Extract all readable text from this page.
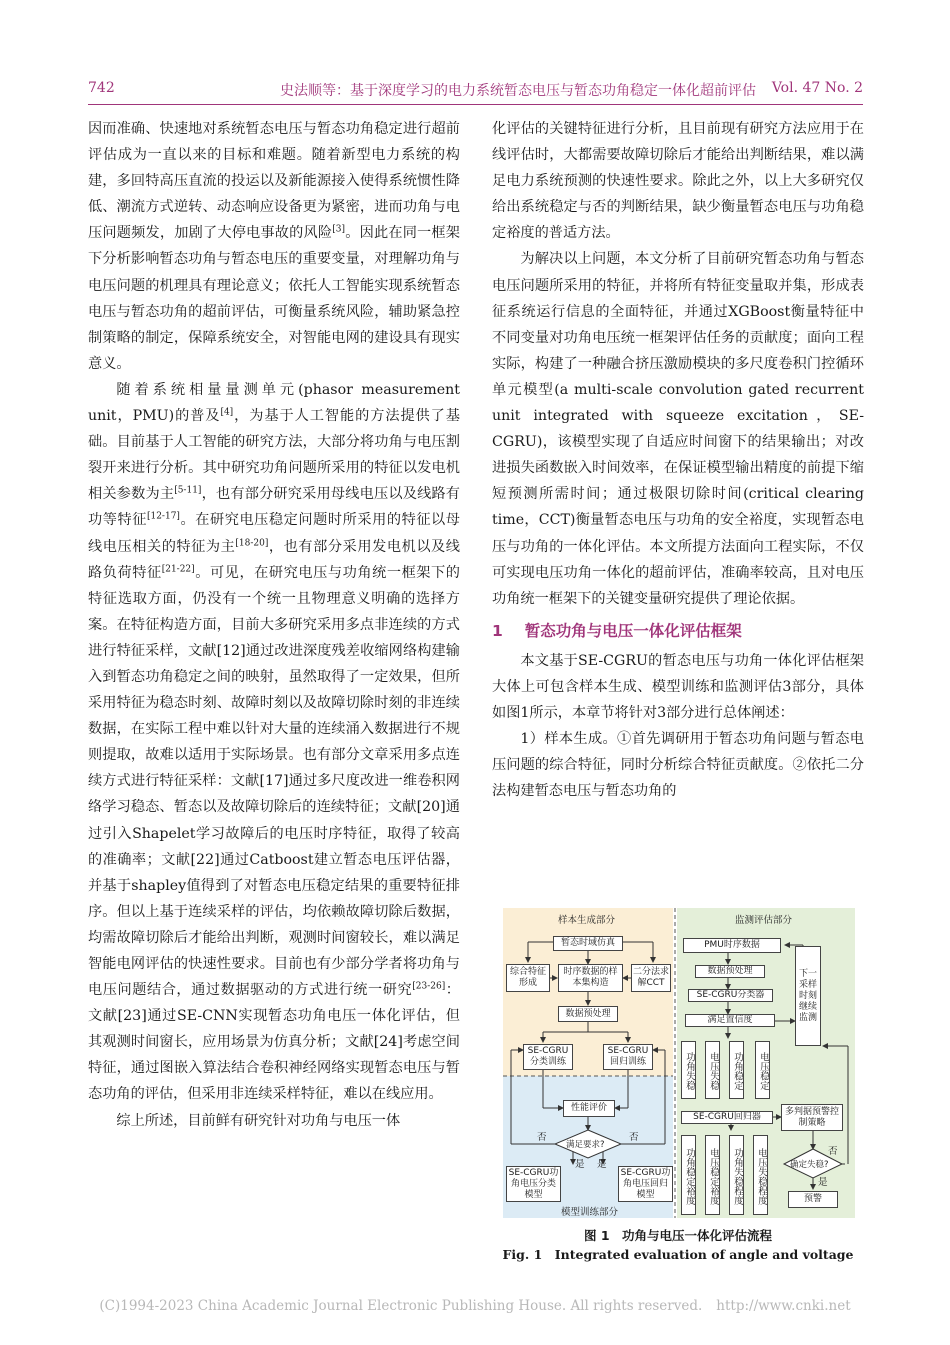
742	史法顺等：基于深度学习的电力系统暂态电压与暂态功角稳定一体化超前评估	Vol. 47 No. 2

因而准确、快速地对系统暂态电压与暂态功角稳定进行超前评估成为一直以来的目标和难题。随着新型电力系统的构建，多回特高压直流的投运以及新能源接入使得系统惯性降低、潮流方式逆转、动态响应设备更为紧密，进而功角与电压问题频发，加剧了大停电事故的风险[3]。因此在同一框架下分析影响暂态功角与暂态电压的重要变量，对理解功角与电压问题的机理具有理论意义；依托人工智能实现系统暂态电压与暂态功角的超前评估，可衡量系统风险，辅助紧急控制策略的制定，保障系统安全，对智能电网的建设具有现实意义。

随着系统相量量测单元(phasor measurement unit，PMU)的普及[4]，为基于人工智能的方法提供了基础。目前基于人工智能的研究方法，大部分将功角与电压割裂开来进行分析。其中研究功角问题所采用的特征以发电机相关参数为主[5-11]，也有部分研究采用母线电压以及线路有功等特征[12-17]。在研究电压稳定问题时所采用的特征以母线电压相关的特征为主[18-20]，也有部分采用发电机以及线路负荷特征[21-22]。可见，在研究电压与功角统一框架下的特征选取方面，仍没有一个统一且物理意义明确的选择方案。在特征构造方面，目前大多研究采用多点非连续的方式进行特征采样，文献[12]通过改进深度残差收缩网络构建输入到暂态功角稳定之间的映射，虽然取得了一定效果，但所采用特征为稳态时刻、故障时刻以及故障切除时刻的非连续数据，在实际工程中难以针对大量的连续涌入数据进行不规则提取，故难以适用于实际场景。也有部分文章采用多点连续方式进行特征采样：文献[17]通过多尺度改进一维卷积网络学习稳态、暂态以及故障切除后的连续特征；文献[20]通过引入Shapelet学习故障后的电压时序特征，取得了较高的准确率；文献[22]通过Catboost建立暂态电压评估器，并基于shapley值得到了对暂态电压稳定结果的重要特征排序。但以上基于连续采样的评估，均依赖故障切除后数据，均需故障切除后才能给出判断，观测时间窗较长，难以满足智能电网评估的快速性要求。目前也有少部分学者将功角与电压问题结合，通过数据驱动的方式进行统一研究[23-26]：文献[23]通过SE-CNN实现暂态功角电压一体化评估，但其观测时间窗长，应用场景为仿真分析；文献[24]考虑空间特征，通过图嵌入算法结合卷积神经网络实现暂态电压与暂态功角的评估，但采用非连续采样特征，难以在线应用。

综上所述，目前鲜有研究针对功角与电压一体

化评估的关键特征进行分析，且目前现有研究方法应用于在线评估时，大都需要故障切除后才能给出判断结果，难以满足电力系统预测的快速性要求。除此之外，以上大多研究仅给出系统稳定与否的判断结果，缺少衡量暂态电压与功角稳定裕度的普适方法。

为解决以上问题，本文分析了目前研究暂态功角与暂态电压问题所采用的特征，并将所有特征变量取并集，形成表征系统运行信息的全面特征，并通过XGBoost衡量特征中不同变量对功角电压统一框架评估任务的贡献度；面向工程实际，构建了一种融合挤压激励模块的多尺度卷积门控循环单元模型(a multi-scale convolution gated recurrent unit integrated with squeeze excitation，SE-CGRU)，该模型实现了自适应时间窗下的结果输出；对改进损失函数嵌入时间效率，在保证模型输出精度的前提下缩短预测所需时间；通过极限切除时间(critical clearing time，CCT)衡量暂态电压与功角的安全裕度，实现暂态电压与功角的一体化评估。本文所提方法面向工程实际，不仅可实现电压功角一体化的超前评估，准确率较高，且对电压功角统一框架下的关键变量研究提供了理论依据。

1 暂态功角与电压一体化评估框架

本文基于SE-CGRU的暂态电压与功角一体化评估框架大体上可包含样本生成、模型训练和监测评估3部分，具体如图1所示，本章节将针对3部分进行总体阐述：

1）样本生成。①首先调研用于暂态功角问题与暂态电压问题的综合特征，同时分析综合特征贡献度。②依托二分法构建暂态电压与暂态功角的

样本生成部分	监测评估部分
模型训练部分
暂态时域仿真
综合特征形成
时序数据的样本集构造
二分法求解CCT
数据预处理
SE-CGRU分类训练
SE-CGRU回归训练
性能评价
满足要求?
否	否
是 是
SE-CGRU功角电压分类模型
SE-CGRU功角电压回归模型
PMU时序数据
数据预处理
SE-CGRU分类器
满足置信度
下一采样时刻继续监测
功角失稳	电压失稳	功角稳定	电压稳定
SE-CGRU回归器
多判据预警控制策略
功角稳定裕度	电压稳定裕度	功角失稳程度	电压失稳程度	确定失稳?
否
是
预警
图 1　功角与电压一体化评估流程
Fig. 1　Integrated evaluation of angle and voltage
(C)1994-2023 China Academic Journal Electronic Publishing House. All rights reserved. http://www.cnki.net
